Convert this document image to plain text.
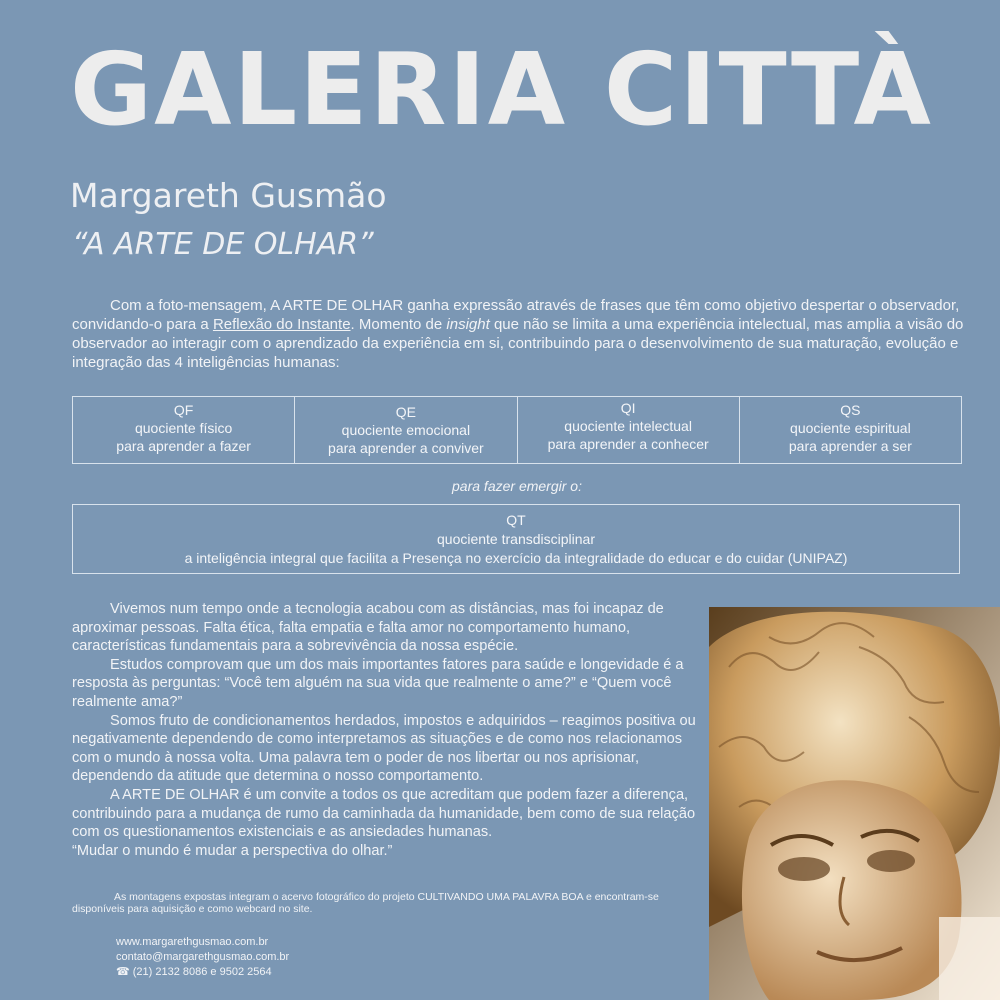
GALERIA CITTÀ
Margareth Gusmão
“A ARTE DE OLHAR”
Com a foto-mensagem, A ARTE DE OLHAR ganha expressão através de frases que têm como objetivo despertar o observador, convidando-o para a Reflexão do Instante. Momento de insight que não se limita a uma experiência intelectual, mas amplia a visão do observador ao interagir com o aprendizado da experiência em si, contribuindo para o desenvolvimento de sua maturação, evolução e integração das 4 inteligências humanas:
QF
quociente físico
para aprender a fazer
QE
quociente emocional
para aprender a conviver
QI
quociente intelectual
para aprender a conhecer
QS
quociente espiritual
para aprender a ser
para fazer emergir o:
QT
quociente transdisciplinar
a inteligência integral que facilita a Presença no exercício da integralidade do educar e do cuidar (UNIPAZ)

Vivemos num tempo onde a tecnologia acabou com as distâncias, mas foi incapaz de aproximar pessoas. Falta ética, falta empatia e falta amor no comportamento humano, características fundamentais para a sobrevivência da nossa espécie.

Estudos comprovam que um dos mais importantes fatores para saúde e longevidade é a resposta às perguntas: “Você tem alguém na sua vida que realmente o ame?” e “Quem você realmente ama?”

Somos fruto de condicionamentos herdados, impostos e adquiridos – reagimos positiva ou negativamente dependendo de como interpretamos as situações e de como nos relacionamos com o mundo à nossa volta. Uma palavra tem o poder de nos libertar ou nos aprisionar, dependendo da atitude que determina o nosso comportamento.

A ARTE DE OLHAR é um convite a todos os que acreditam que podem fazer a diferença, contribuindo para a mudança de rumo da caminhada da humanidade, bem como de sua relação com os questionamentos existenciais e as ansiedades humanas.

“Mudar o mundo é mudar a perspectiva do olhar.”

As montagens expostas integram o acervo fotográfico do projeto CULTIVANDO UMA PALAVRA BOA e encontram-se disponíveis para aquisição e como webcard no site.
www.margarethgusmao.com.br
contato@margarethgusmao.com.br
☎ (21) 2132 8086 e 9502 2564
